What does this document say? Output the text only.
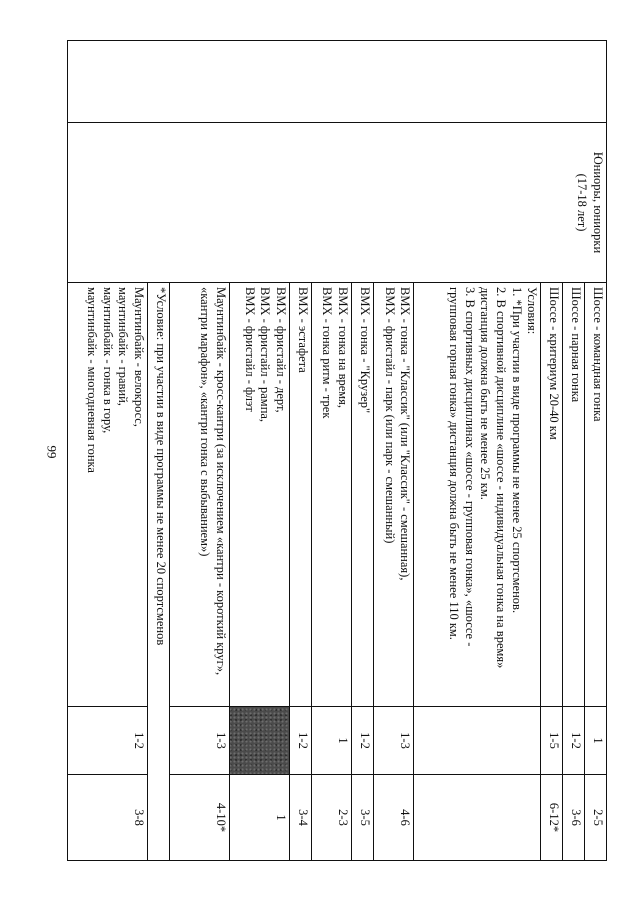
99

	Юниоры, юниорки
(17-18 лет)	Шоссе - командная гонка	1	2-5
		Шоссе - парная гонка	1-2	3-6
		Шоссе - критериум 20-40 км	1-5	6-12*

		Условия:
1. *При участии в виде программы не менее 25 спортсменов.
2. В спортивной дисциплине «шоссе - индивидуальная гонка на время» дистанция должна быть не менее 25 км.
3. В спортивных дисциплинах «шоссе - групповая гонка», «шоссе - групповая горная гонка» дистанция должна быть не менее 110 км.		

		ВМХ - гонка - "Классик" (или "Классик" - смешанная),
ВМХ - фристайл - парк (или парк - смешанный)	1-3	4-6
		ВМХ - гонка - "Крузер"	1-2	3-5

		ВМХ - гонка на время,
ВМХ - гонка ритм - трек	1	2-3
		ВМХ - эстафета	1-2	3-4

		ВМХ - фристайл - дерт,
ВМХ - фристайл - рампа,
ВМХ - фристайл - флэт		1
		Маунтинбайк - кросс-кантри (за исключением «кантри - короткий круг», «кантри марафон», «кантри гонка с выбыванием»)	1-3	4-10*
		*Условие: при участии в виде программы не менее 20 спортсменов		

		Маунтинбайк - велокросс,
маунтинбайк - гравий,
маунтинбайк - гонка в гору,
маунтинбайк - многодневная гонка	1-2	3-8
